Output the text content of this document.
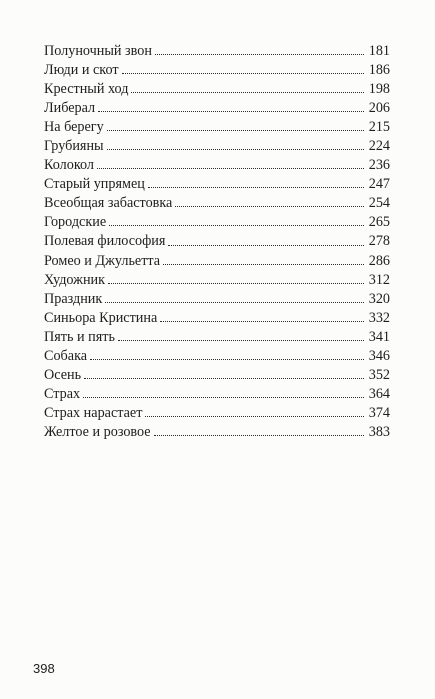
Полуночный звон	181
Люди и скот	186
Крестный ход	198
Либерал	206
На берегу	215
Грубияны	224
Колокол	236
Старый упрямец	247
Всеобщая забастовка	254
Городские	265
Полевая философия	278
Ромео и Джульетта	286
Художник	312
Праздник	320
Синьора Кристина	332
Пять и пять	341
Собака	346
Осень	352
Страх	364
Страх нарастает	374
Желтое и розовое	383
398
